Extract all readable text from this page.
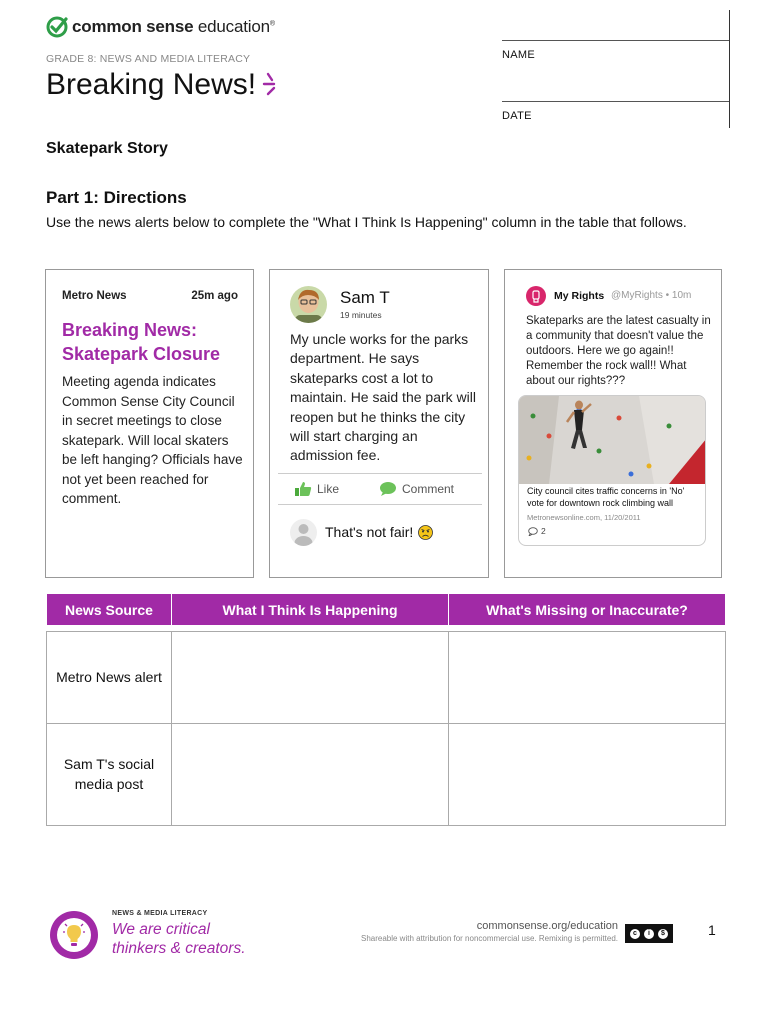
common sense education®
GRADE 8: NEWS AND MEDIA LITERACY
Breaking News!
NAME
DATE
Skatepark Story
Part 1: Directions
Use the news alerts below to complete the "What I Think Is Happening" column in the table that follows.
Metro News	25m ago
Breaking News: Skatepark Closure
Meeting agenda indicates Common Sense City Council in secret meetings to close skatepark. Will local skaters be left hanging? Officials have not yet been reached for comment.
Sam T
19 minutes
My uncle works for the parks department. He says skateparks cost a lot to maintain. He said the park will reopen but he thinks the city will start charging an admission fee.
Like	Comment
That's not fair!
My Rights @MyRights • 10m
Skateparks are the latest casualty in a community that doesn't value the outdoors. Here we go again!! Remember the rock wall!! What about our rights???
City council cites traffic concerns in 'No' vote for downtown rock climbing wall
Metronewsonline.com, 11/20/2011
2
News Source	What I Think Is Happening	What's Missing or Inaccurate?

Metro News alert		
Sam T's social media post		
NEWS & MEDIA LITERACY
We are critical
thinkers & creators.
commonsense.org/education
Shareable with attribution for noncommercial use. Remixing is permitted.
c	i	$	1
